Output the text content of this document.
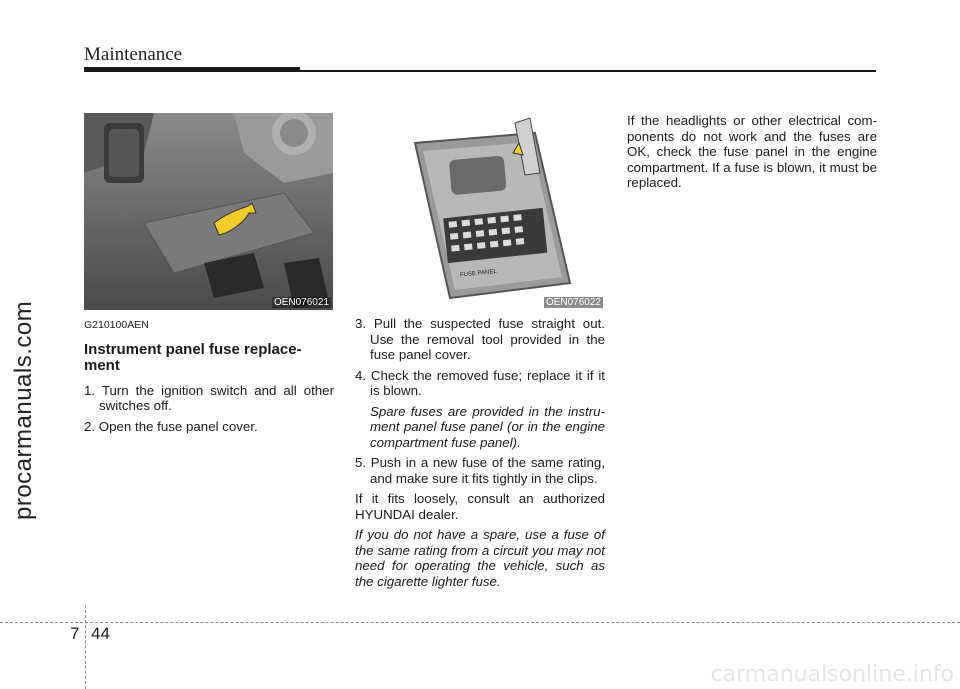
Maintenance
OEN076021
FUSE PANEL
OEN076022

G210100AEN

Instrument panel fuse replace-ment

1. Turn the ignition switch and all other switches off.

2. Open the fuse panel cover.

3. Pull the suspected fuse straight out. Use the removal tool provided in the fuse panel cover.

4. Check the removed fuse; replace it if it is blown.

Spare fuses are provided in the instru-ment panel fuse panel (or in the engine compartment fuse panel).

5. Push in a new fuse of the same rating, and make sure it fits tightly in the clips.

If it fits loosely, consult an authorized HYUNDAI dealer.

If you do not have a spare, use a fuse of the same rating from a circuit you may not need for operating the vehicle, such as the cigarette lighter fuse.

If the headlights or other electrical com-ponents do not work and the fuses are OK, check the fuse panel in the engine compartment. If a fuse is blown, it must be replaced.

procarmanuals.com
7 44
carmanualsonline.info
